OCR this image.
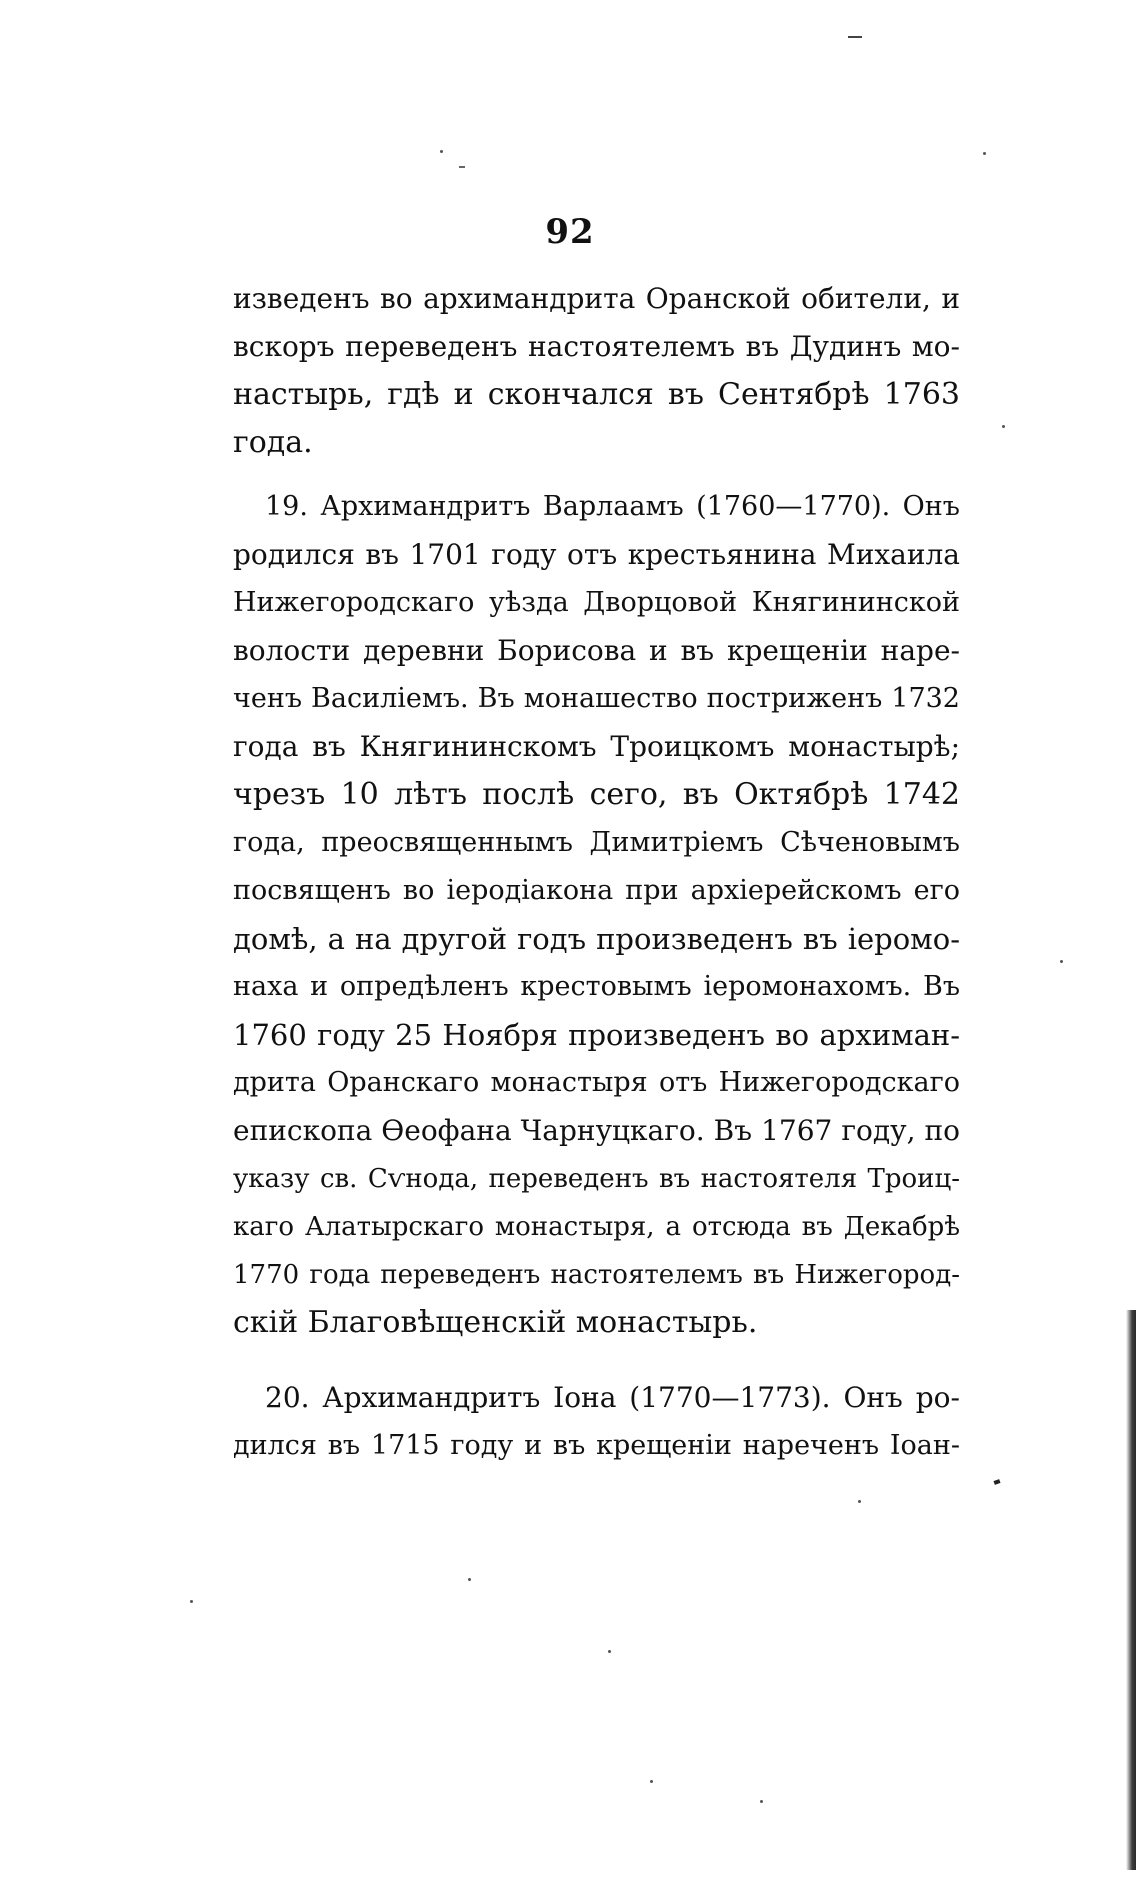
92
изведенъ во архимандрита Оранской обители, и
вскоръ переведенъ настоятелемъ въ Дудинъ мо-
настырь, гдѣ и скончался въ Сентябрѣ 1763
года.
19. Архимандритъ Варлаамъ (1760—1770). Онъ
родился въ 1701 году отъ крестьянина Михаила
Нижегородскаго уѣзда Дворцовой Княгининской
волости деревни Борисова и въ крещеніи наре-
ченъ Василіемъ. Въ монашество постриженъ 1732
года въ Княгининскомъ Троицкомъ монастырѣ;
чрезъ 10 лѣтъ послѣ сего, въ Октябрѣ 1742
года, преосвященнымъ Димитріемъ Сѣченовымъ
посвященъ во іеродіакона при архіерейскомъ его
домѣ, а на другой годъ произведенъ въ іеромо-
наха и опредѣленъ крестовымъ іеромонахомъ. Въ
1760 году 25 Ноября произведенъ во архиман-
дрита Оранскаго монастыря отъ Нижегородскаго
епископа Ѳеофана Чарнуцкаго. Въ 1767 году, по
указу св. Сѵнода, переведенъ въ настоятеля Троиц-
каго Алатырскаго монастыря, а отсюда въ Декабрѣ
1770 года переведенъ настоятелемъ въ Нижегород-
скій Благовѣщенскій монастырь.
20. Архимандритъ Іона (1770—1773). Онъ ро-
дился въ 1715 году и въ крещеніи нареченъ Іоан-
